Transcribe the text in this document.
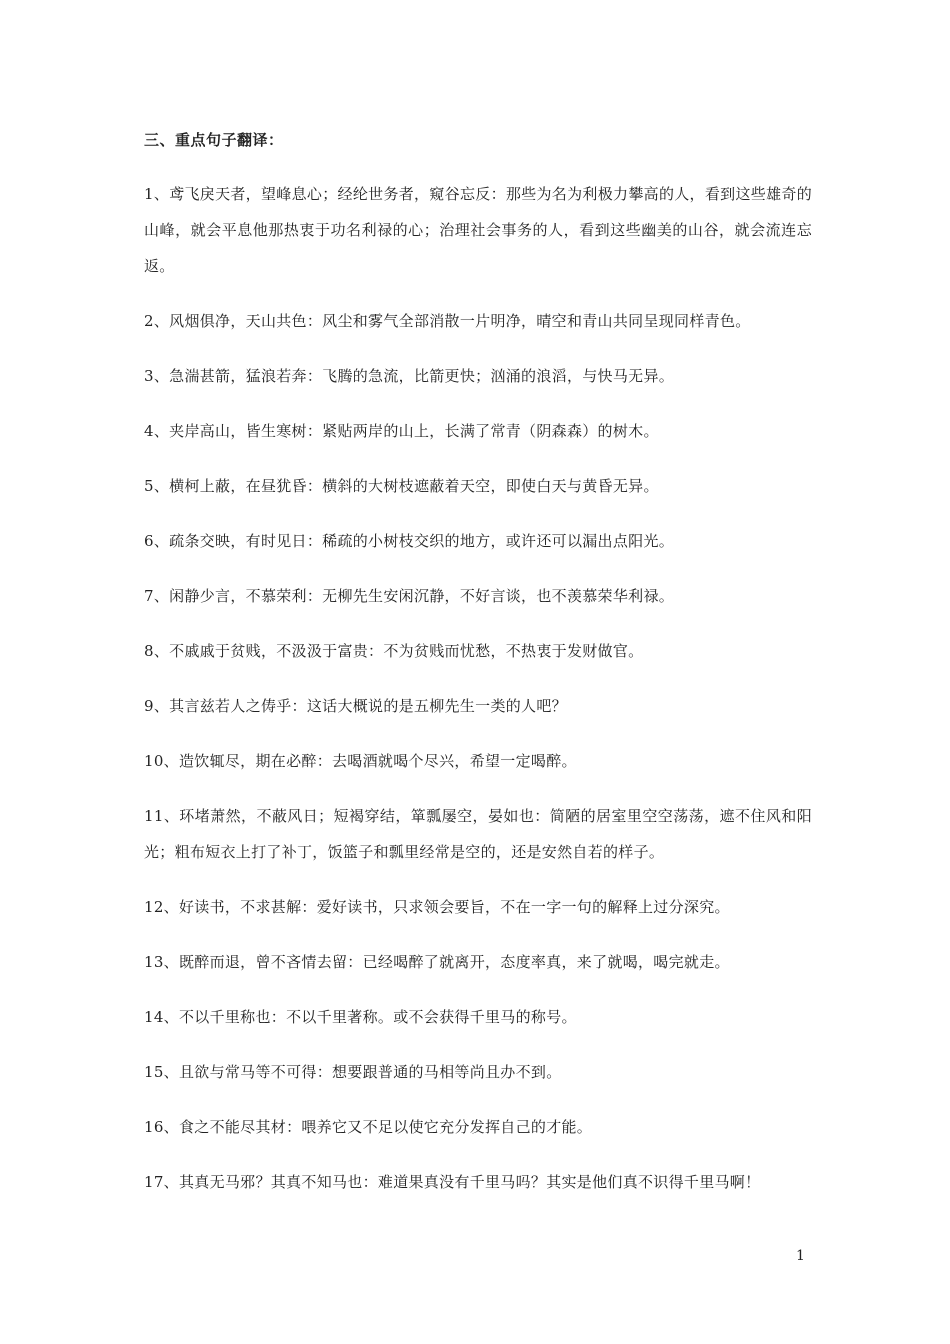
三、重点句子翻译：

1、鸢飞戾天者，望峰息心；经纶世务者，窥谷忘反：那些为名为利极力攀高的人，看到这些雄奇的山峰，就会平息他那热衷于功名利禄的心；治理社会事务的人，看到这些幽美的山谷，就会流连忘返。

2、风烟俱净，天山共色：风尘和雾气全部消散一片明净，晴空和青山共同呈现同样青色。

3、急湍甚箭，猛浪若奔：飞腾的急流，比箭更快；汹涌的浪滔，与快马无异。

4、夹岸高山，皆生寒树：紧贴两岸的山上，长满了常青（阴森森）的树木。

5、横柯上蔽，在昼犹昏：横斜的大树枝遮蔽着天空，即使白天与黄昏无异。

6、疏条交映，有时见日：稀疏的小树枝交织的地方，或许还可以漏出点阳光。

7、闲静少言，不慕荣利：无柳先生安闲沉静，不好言谈，也不羡慕荣华利禄。

8、不戚戚于贫贱，不汲汲于富贵：不为贫贱而忧愁，不热衷于发财做官。

9、其言兹若人之俦乎：这话大概说的是五柳先生一类的人吧？

10、造饮辄尽，期在必醉：去喝酒就喝个尽兴，希望一定喝醉。

11、环堵萧然，不蔽风日；短褐穿结，箪瓢屡空，晏如也：简陋的居室里空空荡荡，遮不住风和阳光；粗布短衣上打了补丁，饭篮子和瓢里经常是空的，还是安然自若的样子。

12、好读书，不求甚解：爱好读书，只求领会要旨，不在一字一句的解释上过分深究。

13、既醉而退，曾不吝情去留：已经喝醉了就离开，态度率真，来了就喝，喝完就走。

14、不以千里称也：不以千里著称。或不会获得千里马的称号。

15、且欲与常马等不可得：想要跟普通的马相等尚且办不到。

16、食之不能尽其材：喂养它又不足以使它充分发挥自己的才能。

17、其真无马邪？其真不知马也：难道果真没有千里马吗？其实是他们真不识得千里马啊！

1
